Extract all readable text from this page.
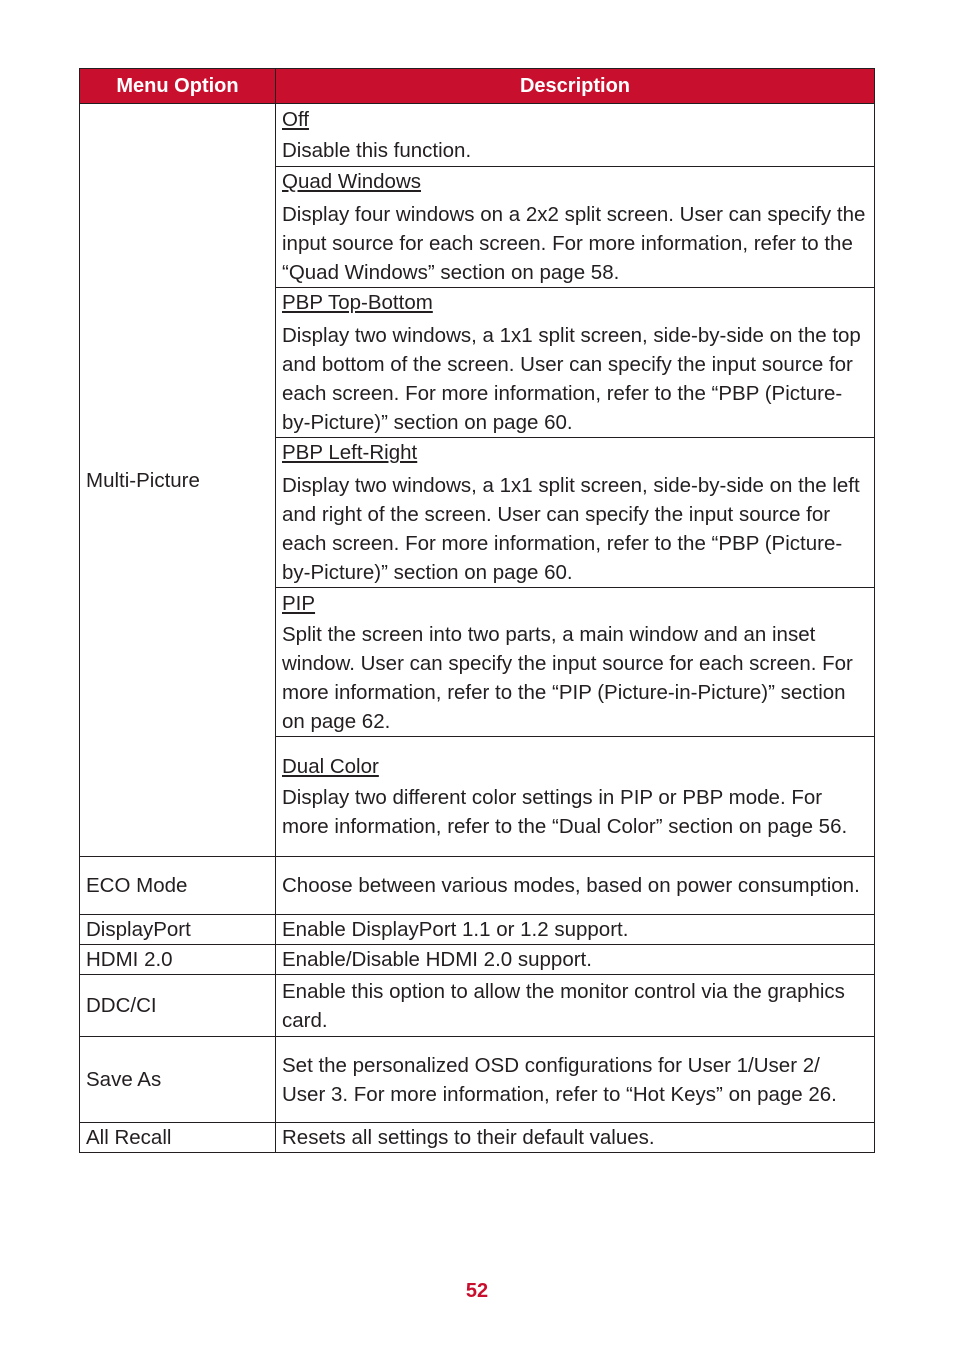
Menu Option	Description
Multi-Picture	Off
Disable this function.

	Quad Windows
Display four windows on a 2x2 split screen. User can specify the input source for each screen. For more information, refer to the “Quad Windows” section on page 58.

	PBP Top-Bottom
Display two windows, a 1x1 split screen, side-by-side on the top and bottom of the screen. User can specify the input source for each screen. For more information, refer to the “PBP (Picture-by-Picture)” section on page 60.

	PBP Left-Right
Display two windows, a 1x1 split screen, side-by-side on the left and right of the screen. User can specify the input source for each screen. For more information, refer to the “PBP (Picture-by-Picture)” section on page 60.

	PIP
Split the screen into two parts, a main window and an inset window. User can specify the input source for each screen. For more information, refer to the “PIP (Picture-in-Picture)” section on page 62.

	Dual Color
Display two different color settings in PIP or PBP mode. For more information, refer to the “Dual Color” section on page 56.

ECO Mode	Choose between various modes, based on power consumption.
DisplayPort	Enable DisplayPort 1.1 or 1.2 support.
HDMI 2.0	Enable/Disable HDMI 2.0 support.
DDC/CI	Enable this option to allow the monitor control via the graphics card.
Save As	Set the personalized OSD configurations for User 1/User 2/ User 3. For more information, refer to “Hot Keys” on page 26.
All Recall	Resets all settings to their default values.
52
